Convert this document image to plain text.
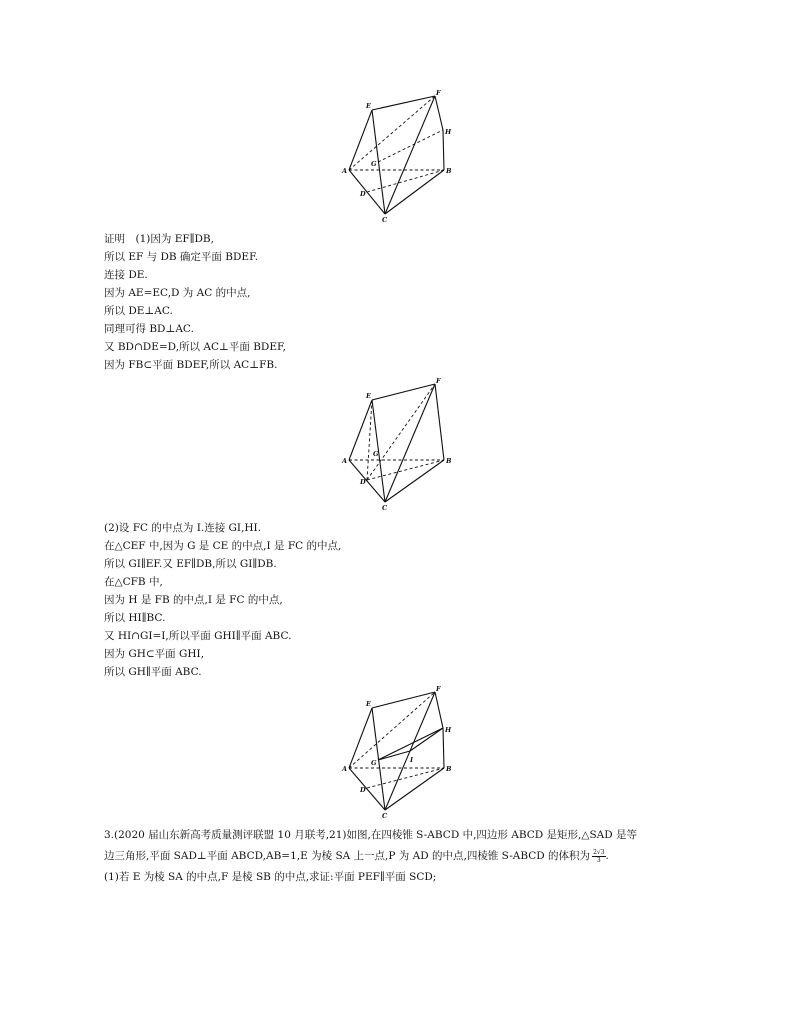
E
F
H
A
G
B
D
C
证明　(1)因为 EF∥DB,
所以 EF 与 DB 确定平面 BDEF.
连接 DE.
因为 AE=EC,D 为 AC 的中点,
所以 DE⊥AC.
同理可得 BD⊥AC.
又 BD∩DE=D,所以 AC⊥平面 BDEF,
因为 FB⊂平面 BDEF,所以 AC⊥FB.
E
F
A
G
B
D
C
(2)设 FC 的中点为 I.连接 GI,HI.
在△CEF 中,因为 G 是 CE 的中点,I 是 FC 的中点,
所以 GI∥EF.又 EF∥DB,所以 GI∥DB.
在△CFB 中,
因为 H 是 FB 的中点,I 是 FC 的中点,
所以 HI∥BC.
又 HI∩GI=I,所以平面 GHI∥平面 ABC.
因为 GH⊂平面 GHI,
所以 GH∥平面 ABC.
E
F
H
A
G	I
B
D
C
3.(2020 届山东新高考质量测评联盟 10 月联考,21)如图,在四棱锥 S-ABCD 中,四边形 ABCD 是矩形,△SAD 是等
边三角形,平面 SAD⊥平面 ABCD,AB=1,E 为棱 SA 上一点,P 为 AD 的中点,四棱锥 S-ABCD 的体积为 $\frac{2√3}{3}$ .
(1)若 E 为棱 SA 的中点,F 是棱 SB 的中点,求证:平面 PEF∥平面 SCD;
